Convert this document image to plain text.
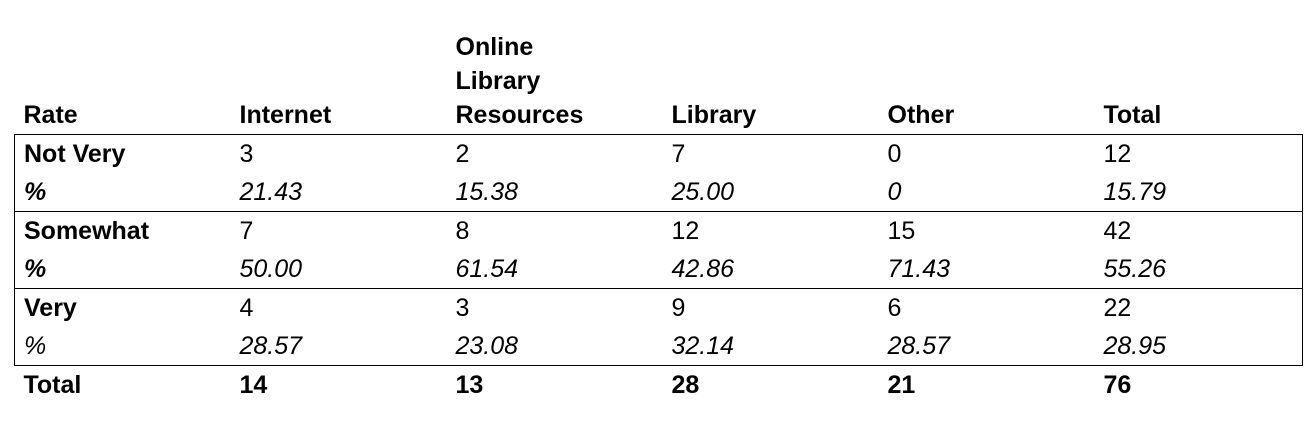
Rate	Internet	Online
Library
Resources	Library	Other	Total
Not Very	3	2	7	0	12
%	21.43	15.38	25.00	0	15.79
Somewhat	7	8	12	15	42
%	50.00	61.54	42.86	71.43	55.26
Very	4	3	9	6	22
%	28.57	23.08	32.14	28.57	28.95
Total	14	13	28	21	76
